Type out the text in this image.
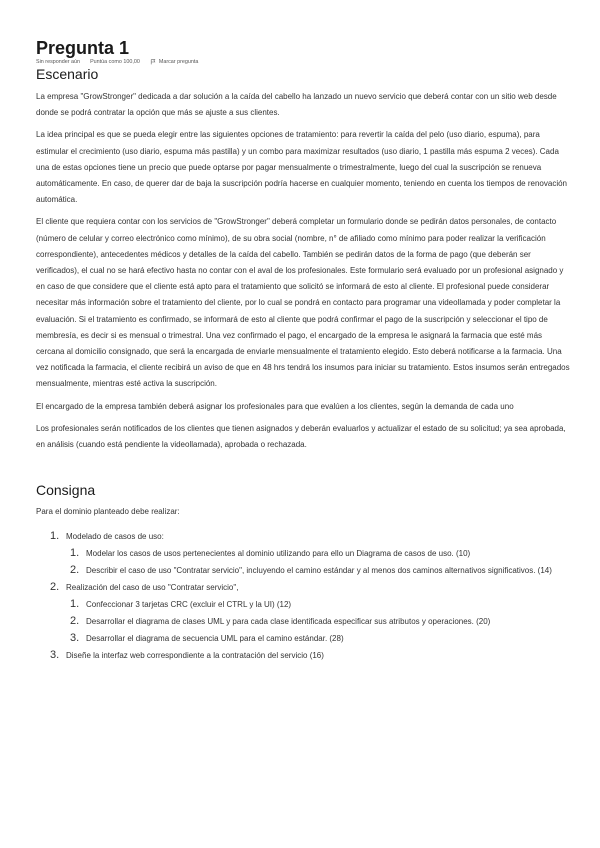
Pregunta 1
Sin responder aún Puntúa como 100,00	Marcar pregunta
Escenario

La empresa "GrowStronger" dedicada a dar solución a la caída del cabello ha lanzado un nuevo servicio que deberá contar con un sitio web desde donde se podrá contratar la opción que más se ajuste a sus clientes.

La idea principal es que se pueda elegir entre las siguientes opciones de tratamiento: para revertir la caída del pelo (uso diario, espuma), para estimular el crecimiento (uso diario, espuma más pastilla) y un combo para maximizar resultados (uso diario, 1 pastilla más espuma 2 veces). Cada una de estas opciones tiene un precio que puede optarse por pagar mensualmente o trimestralmente, luego del cual la suscripción se renueva automáticamente. En caso, de querer dar de baja la suscripción podría hacerse en cualquier momento, teniendo en cuenta los tiempos de renovación automática.

El cliente que requiera contar con los servicios de "GrowStronger" deberá completar un formulario donde se pedirán datos personales, de contacto (número de celular y correo electrónico como mínimo), de su obra social (nombre, n° de afiliado como mínimo para poder realizar la verificación correspondiente), antecedentes médicos y detalles de la caída del cabello. También se pedirán datos de la forma de pago (que deberán ser verificados), el cual no se hará efectivo hasta no contar con el aval de los profesionales. Este formulario será evaluado por un profesional asignado y en caso de que considere que el cliente está apto para el tratamiento que solicitó se informará de esto al cliente. El profesional puede considerar necesitar más información sobre el tratamiento del cliente, por lo cual se pondrá en contacto para programar una videollamada y poder completar la evaluación. Si el tratamiento es confirmado, se informará de esto al cliente que podrá confirmar el pago de la suscripción y seleccionar el tipo de membresía, es decir si es mensual o trimestral. Una vez confirmado el pago, el encargado de la empresa le asignará la farmacia que esté más cercana al domicilio consignado, que será la encargada de enviarle mensualmente el tratamiento elegido. Esto deberá notificarse a la farmacia. Una vez notificada la farmacia, el cliente recibirá un aviso de que en 48 hrs tendrá los insumos para iniciar su tratamiento. Estos insumos serán entregados mensualmente, mientras esté activa la suscripción.

El encargado de la empresa también deberá asignar los profesionales para que evalúen a los clientes, según la demanda de cada uno

Los profesionales serán notificados de los clientes que tienen asignados y deberán evaluarlos y actualizar el estado de su solicitud; ya sea aprobada, en análisis (cuando está pendiente la videollamada), aprobada o rechazada.

Consigna

Para el dominio planteado debe realizar:

1. Modelado de casos de uso:
1. Modelar los casos de usos pertenecientes al dominio utilizando para ello un Diagrama de casos de uso. (10)
2. Describir el caso de uso "Contratar servicio", incluyendo el camino estándar y al menos dos caminos alternativos significativos. (14)
2. Realización del caso de uso "Contratar servicio",
1. Confeccionar 3 tarjetas CRC (excluir el CTRL y la UI) (12)
2. Desarrollar el diagrama de clases UML y para cada clase identificada especificar sus atributos y operaciones. (20)
3. Desarrollar el diagrama de secuencia UML para el camino estándar. (28)
3. Diseñe la interfaz web correspondiente a la contratación del servicio (16)
